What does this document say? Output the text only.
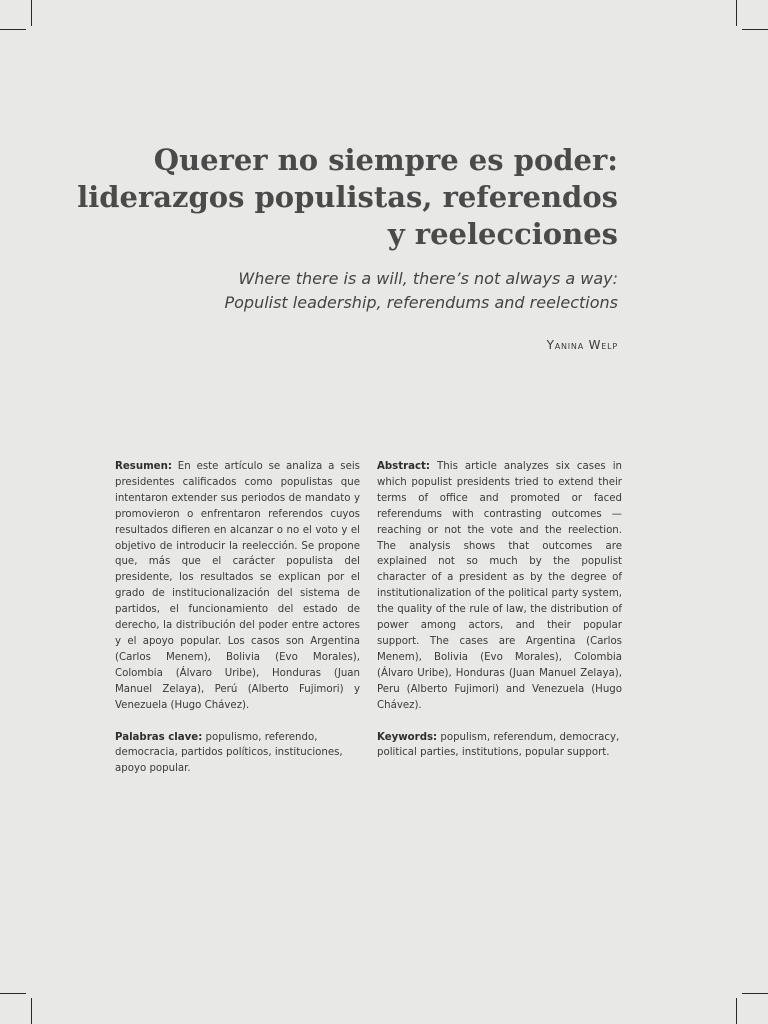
Querer no siempre es poder:
liderazgos populistas, referendos
y reelecciones
Where there is a will, there’s not always a way:
Populist leadership, referendums and reelections
Yanina Welp

Resumen: En este artículo se analiza a seis presidentes calificados como populistas que intentaron extender sus periodos de mandato y promovieron o enfrentaron referendos cuyos resultados difieren en alcanzar o no el voto y el objetivo de introducir la reelección. Se propone que, más que el carácter populista del presidente, los resultados se explican por el grado de institucionalización del sistema de partidos, el funcionamiento del estado de derecho, la distribución del poder entre actores y el apoyo popular. Los casos son Argentina (Carlos Menem), Bolivia (Evo Morales), Colombia (Álvaro Uribe), Honduras (Juan Manuel Zelaya), Perú (Alberto Fujimori) y Venezuela (Hugo Chávez).

Palabras clave: populismo, referendo, democracia, partidos políticos, instituciones, apoyo popular.

Abstract: This article analyzes six cases in which populist presidents tried to extend their terms of office and promoted or faced referendums with contrasting outcomes —reaching or not the vote and the reelection. The analysis shows that outcomes are explained not so much by the populist character of a president as by the degree of institutionalization of the political party system, the quality of the rule of law, the distribution of power among actors, and their popular support. The cases are Argentina (Carlos Menem), Bolivia (Evo Morales), Colombia (Álvaro Uribe), Honduras (Juan Manuel Zelaya), Peru (Alberto Fujimori) and Venezuela (Hugo Chávez).

Keywords: populism, referendum, democracy, political parties, institutions, popular support.
